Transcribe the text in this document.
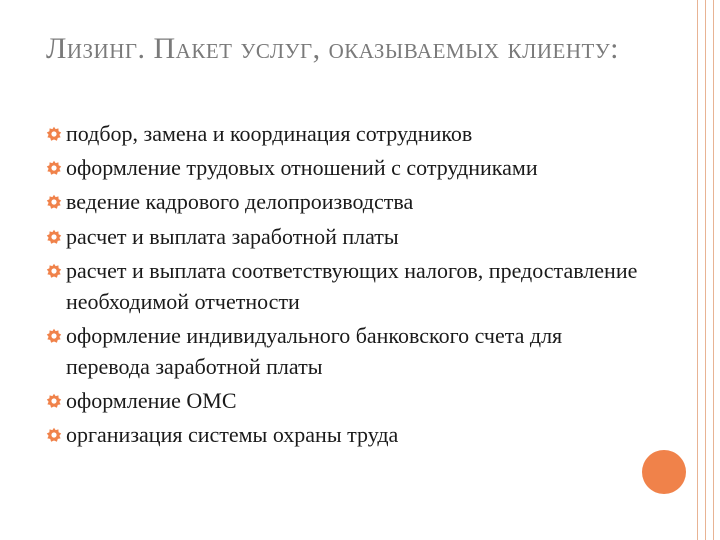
Лизинг. Пакет услуг, оказываемых клиенту:
подбор, замена и координация сотрудников
оформление трудовых отношений с сотрудниками
ведение кадрового делопроизводства
расчет и выплата заработной платы
расчет и выплата соответствующих налогов, предоставление необходимой отчетности
оформление индивидуального банковского счета для перевода заработной платы
оформление ОМС
организация системы охраны труда
